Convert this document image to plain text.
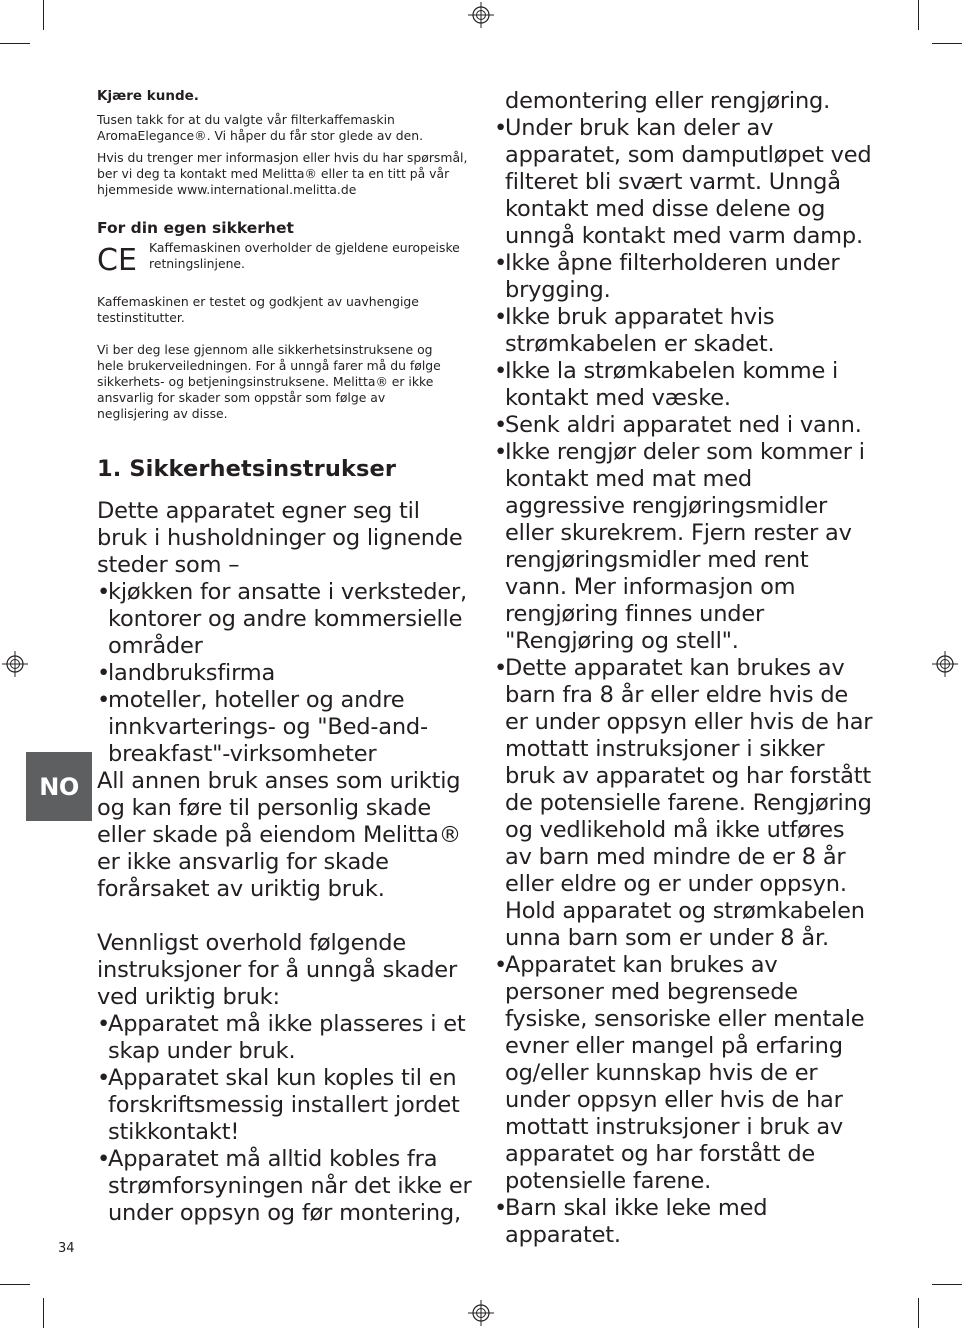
NO

Kjære kunde.

Tusen takk for at du valgte vår filterkaffemaskin AromaElegance®. Vi håper du får stor glede av den.

Hvis du trenger mer informasjon eller hvis du har spørsmål, ber vi deg ta kontakt med Melitta® eller ta en titt på vår hjemmeside www.international.melitta.de

For din egen sikkerhet

CE Kaffemaskinen overholder de gjeldene europeiske retningslinjene.

Kaffemaskinen er testet og godkjent av uavhengige testinstitutter.

Vi ber deg lese gjennom alle sikkerhetsinstruksene og hele brukerveiledningen. For å unngå farer må du følge sikkerhets- og betjeningsinstruksene. Melitta® er ikke ansvarlig for skader som oppstår som følge av neglisjering av disse.

1. Sikkerhetsinstrukser

Dette apparatet egner seg til bruk i husholdninger og lignende steder som –

• kjøkken for ansatte i verksteder, kontorer og andre kommersielle områder
• landbruksfirma
• moteller, hoteller og andre innkvarterings- og "Bed-and-breakfast"-virksomheter

All annen bruk anses som uriktig og kan føre til personlig skade eller skade på eiendom Melitta® er ikke ansvarlig for skade forårsaket av uriktig bruk.

Vennligst overhold følgende instruksjoner for å unngå skader ved uriktig bruk:

• Apparatet må ikke plasseres i et skap under bruk.
• Apparatet skal kun koples til en forskriftsmessig installert jordet stikkontakt!
• Apparatet må alltid kobles fra strømforsyningen når det ikke er under oppsyn og før montering,

demontering eller rengjøring.

• Under bruk kan deler av apparatet, som damputløpet ved filteret bli svært varmt. Unngå kontakt med disse delene og unngå kontakt med varm damp.
• Ikke åpne filterholderen under brygging.
• Ikke bruk apparatet hvis strømkabelen er skadet.
• Ikke la strømkabelen komme i kontakt med væske.
• Senk aldri apparatet ned i vann.
• Ikke rengjør deler som kommer i kontakt med mat med aggressive rengjøringsmidler eller skurekrem. Fjern rester av rengjøringsmidler med rent vann. Mer informasjon om rengjøring finnes under "Rengjøring og stell".
• Dette apparatet kan brukes av barn fra 8 år eller eldre hvis de er under oppsyn eller hvis de har mottatt instruksjoner i sikker bruk av apparatet og har forstått de potensielle farene. Rengjøring og vedlikehold må ikke utføres av barn med mindre de er 8 år eller eldre og er under oppsyn. Hold apparatet og strømkabelen unna barn som er under 8 år.
• Apparatet kan brukes av personer med begrensede fysiske, sensoriske eller mentale evner eller mangel på erfaring og/eller kunnskap hvis de er under oppsyn eller hvis de har mottatt instruksjoner i bruk av apparatet og har forstått de potensielle farene.
• Barn skal ikke leke med apparatet.
34
